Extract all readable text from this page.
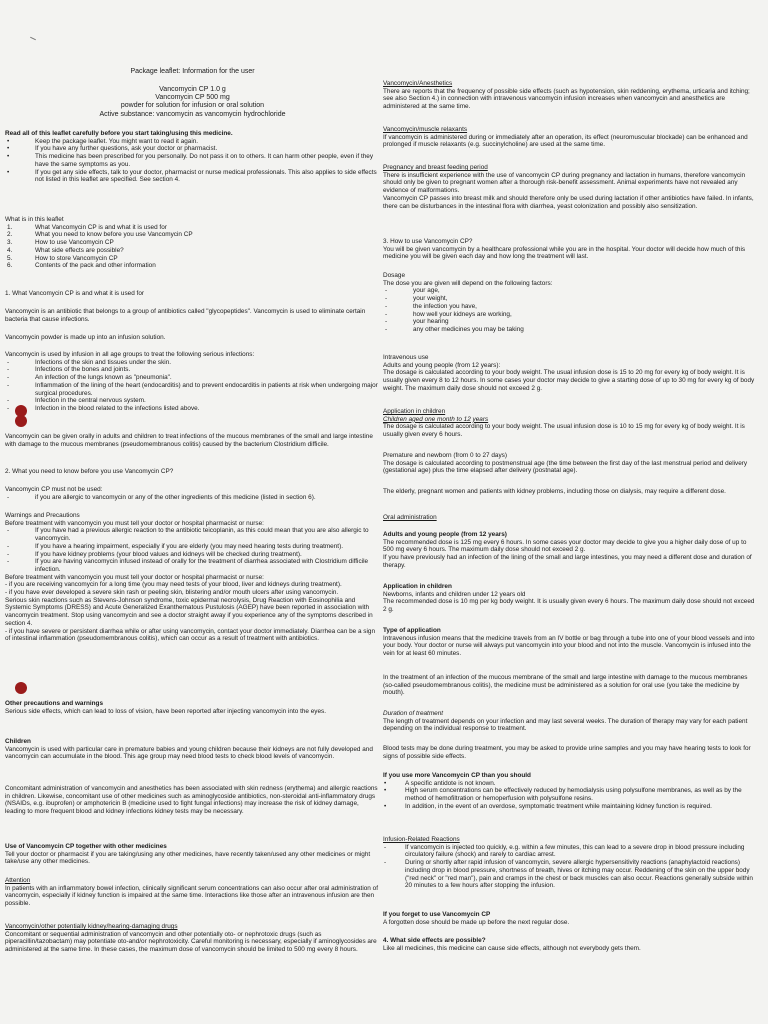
Package leaflet: Information for the user
Vancomycin CP 1.0 g
Vancomycin CP 500 mg
powder for solution for infusion or oral solution
Active substance: vancomycin as vancomycin hydrochloride
Read all of this leaflet carefully before you start taking/using this medicine.
•	Keep the package leaflet. You might want to read it again.
•	If you have any further questions, ask your doctor or pharmacist.
•	This medicine has been prescribed for you personally. Do not pass it on to others. It can harm other people, even if they have the same symptoms as you.
•	If you get any side effects, talk to your doctor, pharmacist or nurse medical professionals. This also applies to side effects not listed in this leaflet are specified. See section 4.
What is in this leaflet
1.	What Vancomycin CP is and what it is used for
2.	What you need to know before you use Vancomycin CP
3.	How to use Vancomycin CP
4.	What side effects are possible?
5.	How to store Vancomycin CP
6.	Contents of the pack and other information
1. What Vancomycin CP is and what it is used for
Vancomycin is an antibiotic that belongs to a group of antibiotics called "glycopeptides". Vancomycin is used to eliminate certain bacteria that cause infections.
Vancomycin powder is made up into an infusion solution.
Vancomycin is used by infusion in all age groups to treat the following serious infections:
-	Infections of the skin and tissues under the skin.
-	Infections of the bones and joints.
-	An infection of the lungs known as "pneumonia".
-	Inflammation of the lining of the heart (endocarditis) and to prevent endocarditis in patients at risk when undergoing major surgical procedures.
-	Infection in the central nervous system.
-	Infection in the blood related to the infections listed above.
Vancomycin can be given orally in adults and children to treat infections of the mucous membranes of the small and large intestine with damage to the mucous membranes (pseudomembranous colitis) caused by the bacterium Clostridium difficile.
2. What you need to know before you use Vancomycin CP?
Vancomycin CP must not be used:
-	if you are allergic to vancomycin or any of the other ingredients of this medicine (listed in section 6).
Warnings and Precautions
Before treatment with vancomycin you must tell your doctor or hospital pharmacist or nurse:
-	If you have had a previous allergic reaction to the antibiotic teicoplanin, as this could mean that you are also allergic to vancomycin.
-	If you have a hearing impairment, especially if you are elderly (you may need hearing tests during treatment).
-	If you have kidney problems (your blood values and kidneys will be checked during treatment).
-	If you are having vancomycin infused instead of orally for the treatment of diarrhea associated with Clostridium difficile infection.
Before treatment with vancomycin you must tell your doctor or hospital pharmacist or nurse:
- if you are receiving vancomycin for a long time (you may need tests of your blood, liver and kidneys during treatment).
- if you have ever developed a severe skin rash or peeling skin, blistering and/or mouth ulcers after using vancomycin.
Serious skin reactions such as Stevens-Johnson syndrome, toxic epidermal necrolysis, Drug Reaction with Eosinophilia and Systemic Symptoms (DRESS) and Acute Generalized Exanthematous Pustulosis (AGEP) have been reported in association with vancomycin treatment. Stop using vancomycin and see a doctor straight away if you experience any of the symptoms described in section 4.
- if you have severe or persistent diarrhea while or after using vancomycin, contact your doctor immediately. Diarrhea can be a sign of intestinal inflammation (pseudomembranous colitis), which can occur as a result of treatment with antibiotics.
Other precautions and warnings
Serious side effects, which can lead to loss of vision, have been reported after injecting vancomycin into the eyes.
Children
Vancomycin is used with particular care in premature babies and young children because their kidneys are not fully developed and vancomycin can accumulate in the blood. This age group may need blood tests to check blood levels of vancomycin.
Concomitant administration of vancomycin and anesthetics has been associated with skin redness (erythema) and allergic reactions in children. Likewise, concomitant use of other medicines such as aminoglycoside antibiotics, non-steroidal anti-inflammatory drugs (NSAIDs, e.g. ibuprofen) or amphotericin B (medicine used to fight fungal infections) may increase the risk of kidney damage, leading to more frequent blood and kidney infections kidney tests may be necessary.
Use of Vancomycin CP together with other medicines
Tell your doctor or pharmacist if you are taking/using any other medicines, have recently taken/used any other medicines or might take/use any other medicines.
Attention
In patients with an inflammatory bowel infection, clinically significant serum concentrations can also occur after oral administration of vancomycin, especially if kidney function is impaired at the same time. Interactions like those after an intravenous infusion are then possible.
Vancomycin/other potentially kidney/hearing-damaging drugs
Concomitant or sequential administration of vancomycin and other potentially oto- or nephrotoxic drugs (such as piperacillin/tazobactam) may potentiate oto-and/or nephrotoxicity. Careful monitoring is necessary, especially if aminoglycosides are administered at the same time. In these cases, the maximum dose of vancomycin should be limited to 500 mg every 8 hours.
Vancomycin/Anesthetics
There are reports that the frequency of possible side effects (such as hypotension, skin reddening, erythema, urticaria and itching; see also Section 4.) in connection with intravenous vancomycin infusion increases when vancomycin and anesthetics are administered at the same time.
Vancomycin/muscle relaxants
If vancomycin is administered during or immediately after an operation, its effect (neuromuscular blockade) can be enhanced and prolonged if muscle relaxants (e.g. succinylcholine) are used at the same time.
Pregnancy and breast feeding period
There is insufficient experience with the use of vancomycin CP during pregnancy and lactation in humans, therefore vancomycin should only be given to pregnant women after a thorough risk-benefit assessment. Animal experiments have not revealed any evidence of malformations.
Vancomycin CP passes into breast milk and should therefore only be used during lactation if other antibiotics have failed. In infants, there can be disturbances in the intestinal flora with diarrhea, yeast colonization and possibly also sensitization.
3. How to use Vancomycin CP?
You will be given vancomycin by a healthcare professional while you are in the hospital. Your doctor will decide how much of this medicine you will be given each day and how long the treatment will last.
Dosage
The dose you are given will depend on the following factors:
-	your age,
-	your weight,
-	the infection you have,
-	how well your kidneys are working,
-	your hearing
-	any other medicines you may be taking
Intravenous use
Adults and young people (from 12 years):
The dosage is calculated according to your body weight. The usual infusion dose is 15 to 20 mg for every kg of body weight. It is usually given every 8 to 12 hours. In some cases your doctor may decide to give a starting dose of up to 30 mg for every kg of body weight. The maximum daily dose should not exceed 2 g.
Application in children
Children aged one month to 12 years
The dosage is calculated according to your body weight. The usual infusion dose is 10 to 15 mg for every kg of body weight. It is usually given every 6 hours.
Premature and newborn (from 0 to 27 days)
The dosage is calculated according to postmenstrual age (the time between the first day of the last menstrual period and delivery (gestational age) plus the time elapsed after delivery (postnatal age).
The elderly, pregnant women and patients with kidney problems, including those on dialysis, may require a different dose.
Oral administration
Adults and young people (from 12 years)
The recommended dose is 125 mg every 6 hours. In some cases your doctor may decide to give you a higher daily dose of up to 500 mg every 6 hours. The maximum daily dose should not exceed 2 g.
If you have previously had an infection of the lining of the small and large intestines, you may need a different dose and duration of therapy.
Application in children
Newborns, infants and children under 12 years old
The recommended dose is 10 mg per kg body weight. It is usually given every 6 hours. The maximum daily dose should not exceed 2 g.
Type of application
Intravenous infusion means that the medicine travels from an IV bottle or bag through a tube into one of your blood vessels and into your body. Your doctor or nurse will always put vancomycin into your blood and not into the muscle. Vancomycin is infused into the vein for at least 60 minutes.
In the treatment of an infection of the mucous membrane of the small and large intestine with damage to the mucous membranes (so-called pseudomembranous colitis), the medicine must be administered as a solution for oral use (you take the medicine by mouth).
Duration of treatment
The length of treatment depends on your infection and may last several weeks. The duration of therapy may vary for each patient depending on the individual response to treatment.
Blood tests may be done during treatment, you may be asked to provide urine samples and you may have hearing tests to look for signs of possible side effects.
If you use more Vancomycin CP than you should
•	A specific antidote is not known.
•	High serum concentrations can be effectively reduced by hemodialysis using polysulfone membranes, as well as by the method of hemofiltration or hemoperfusion with polysulfone resins.
•	In addition, in the event of an overdose, symptomatic treatment while maintaining kidney function is required.
Infusion-Related Reactions
-	If vancomycin is injected too quickly, e.g. within a few minutes, this can lead to a severe drop in blood pressure including circulatory failure (shock) and rarely to cardiac arrest.
-	During or shortly after rapid infusion of vancomycin, severe allergic hypersensitivity reactions (anaphylactoid reactions) including drop in blood pressure, shortness of breath, hives or itching may occur. Reddening of the skin on the upper body ("red neck" or "red man"), pain and cramps in the chest or back muscles can also occur. Reactions generally subside within 20 minutes to a few hours after stopping the infusion.
If you forget to use Vancomycin CP
A forgotten dose should be made up before the next regular dose.
4. What side effects are possible?
Like all medicines, this medicine can cause side effects, although not everybody gets them.
